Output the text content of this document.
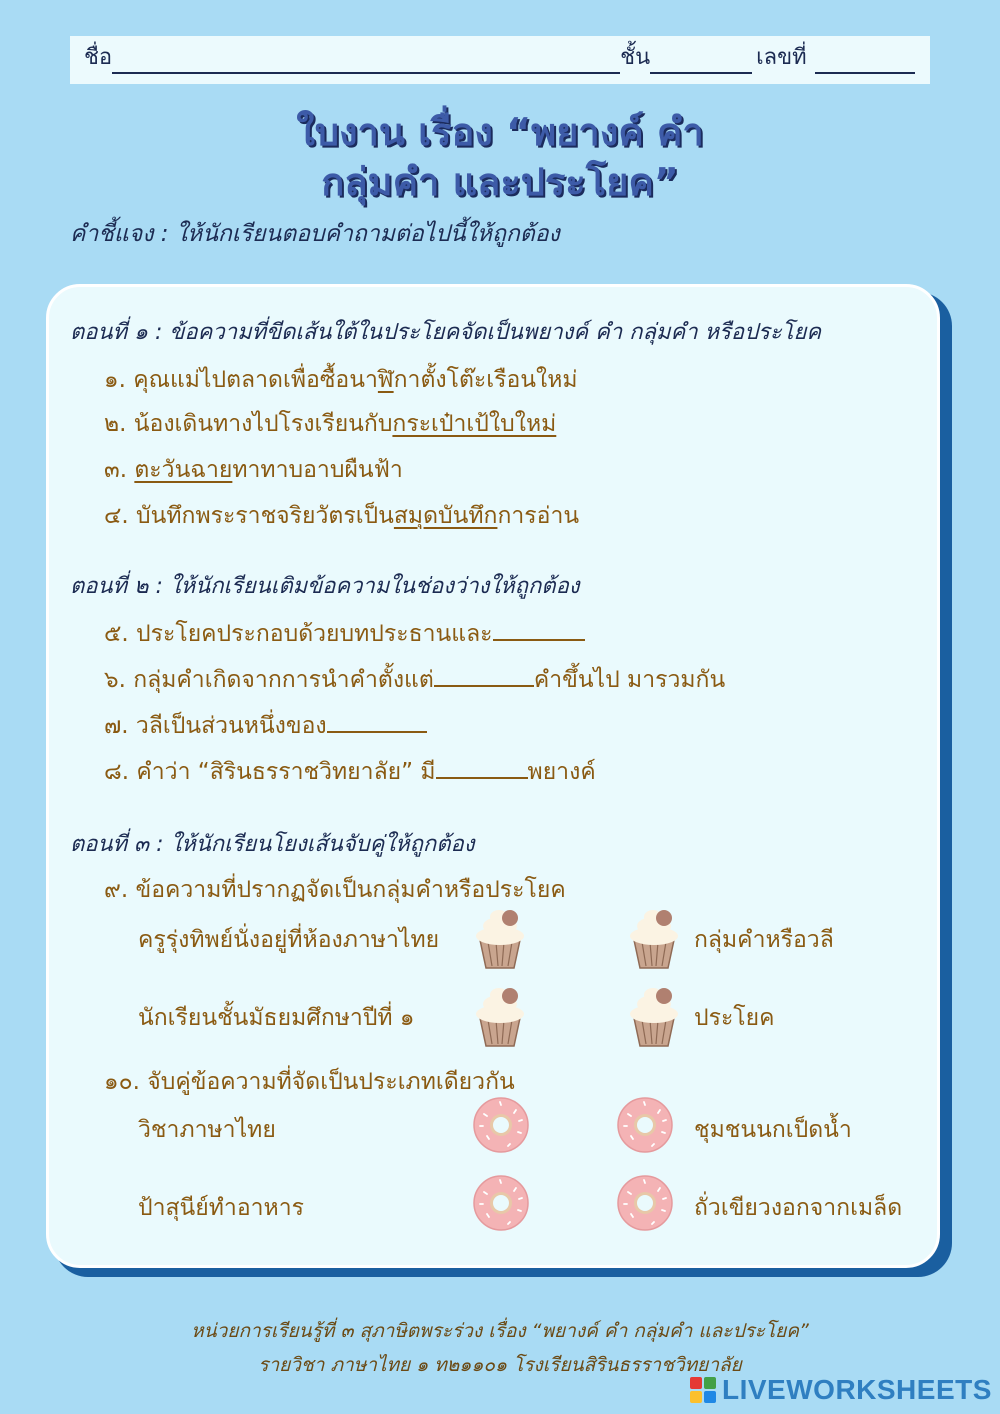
ชื่อ	ชั้น	เลขที่
ใบงาน เรื่อง “พยางค์ คำ
กลุ่มคำ และประโยค”
คำชี้แจง : ให้นักเรียนตอบคำถามต่อไปนี้ให้ถูกต้อง
ตอนที่ ๑ : ข้อความที่ขีดเส้นใต้ในประโยคจัดเป็นพยางค์ คำ กลุ่มคำ หรือประโยค
๑. คุณแม่ไปตลาดเพื่อซื้อนาฬิกาตั้งโต๊ะเรือนใหม่
๒. น้องเดินทางไปโรงเรียนกับกระเป๋าเป้ใบใหม่
๓. ตะวันฉายทาทาบอาบผืนฟ้า
๔. บันทึกพระราชจริยวัตรเป็นสมุดบันทึกการอ่าน
ตอนที่ ๒ : ให้นักเรียนเติมข้อความในช่องว่างให้ถูกต้อง
๕. ประโยคประกอบด้วยบทประธานและ
๖. กลุ่มคำเกิดจากการนำคำตั้งแต่	คำขึ้นไป มารวมกัน
๗. วลีเป็นส่วนหนึ่งของ
๘. คำว่า “สิรินธรราชวิทยาลัย” มี	พยางค์
ตอนที่ ๓ : ให้นักเรียนโยงเส้นจับคู่ให้ถูกต้อง
๙. ข้อความที่ปรากฏจัดเป็นกลุ่มคำหรือประโยค
ครูรุ่งทิพย์นั่งอยู่ที่ห้องภาษาไทย
นักเรียนชั้นมัธยมศึกษาปีที่ ๑
กลุ่มคำหรือวลี
ประโยค
๑๐. จับคู่ข้อความที่จัดเป็นประเภทเดียวกัน
วิชาภาษาไทย
ป้าสุนีย์ทำอาหาร
ชุมชนนกเป็ดน้ำ
ถั่วเขียวงอกจากเมล็ด
หน่วยการเรียนรู้ที่ ๓ สุภาษิตพระร่วง เรื่อง “พยางค์ คำ กลุ่มคำ และประโยค”
รายวิชา ภาษาไทย ๑ ท๒๑๑๐๑ โรงเรียนสิรินธรราชวิทยาลัย
LIVEWORKSHEETS
